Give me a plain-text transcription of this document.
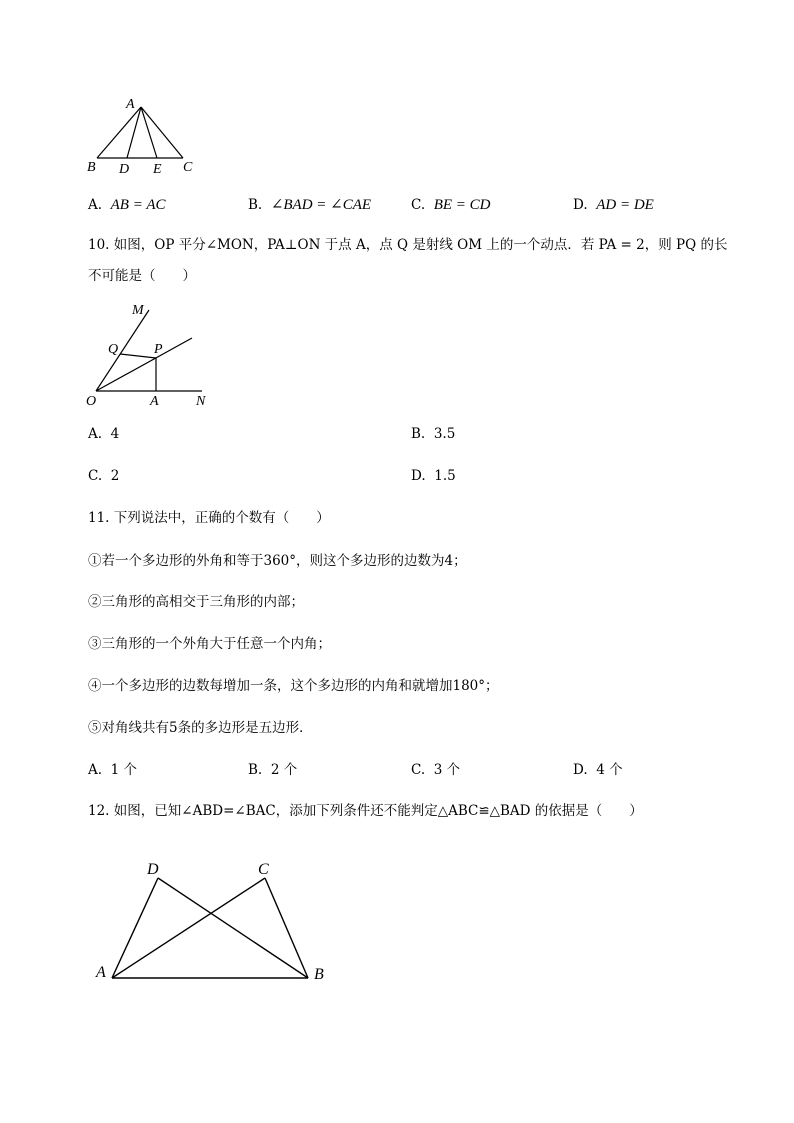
A
B D E C
A. AB = AC	B. ∠BAD = ∠CAE	C. BE = CD	D. AD = DE
10. 如图，OP 平分∠MON，PA⊥ON 于点 A，点 Q 是射线 OM 上的一个动点．若 PA = 2，则 PQ 的长
不可能是（　　）
M
Q	P
O	A	N
A. 4	B. 3.5
C. 2	D. 1.5
11. 下列说法中，正确的个数有（　　）
①若一个多边形的外角和等于360°，则这个多边形的边数为4；
②三角形的高相交于三角形的内部；
③三角形的一个外角大于任意一个内角；
④一个多边形的边数每增加一条，这个多边形的内角和就增加180°；
⑤对角线共有5条的多边形是五边形．
A. 1 个	B. 2 个	C. 3 个	D. 4 个
12. 如图，已知∠ABD=∠BAC，添加下列条件还不能判定△ABC≌△BAD 的依据是（　　）
D	C
A	B
